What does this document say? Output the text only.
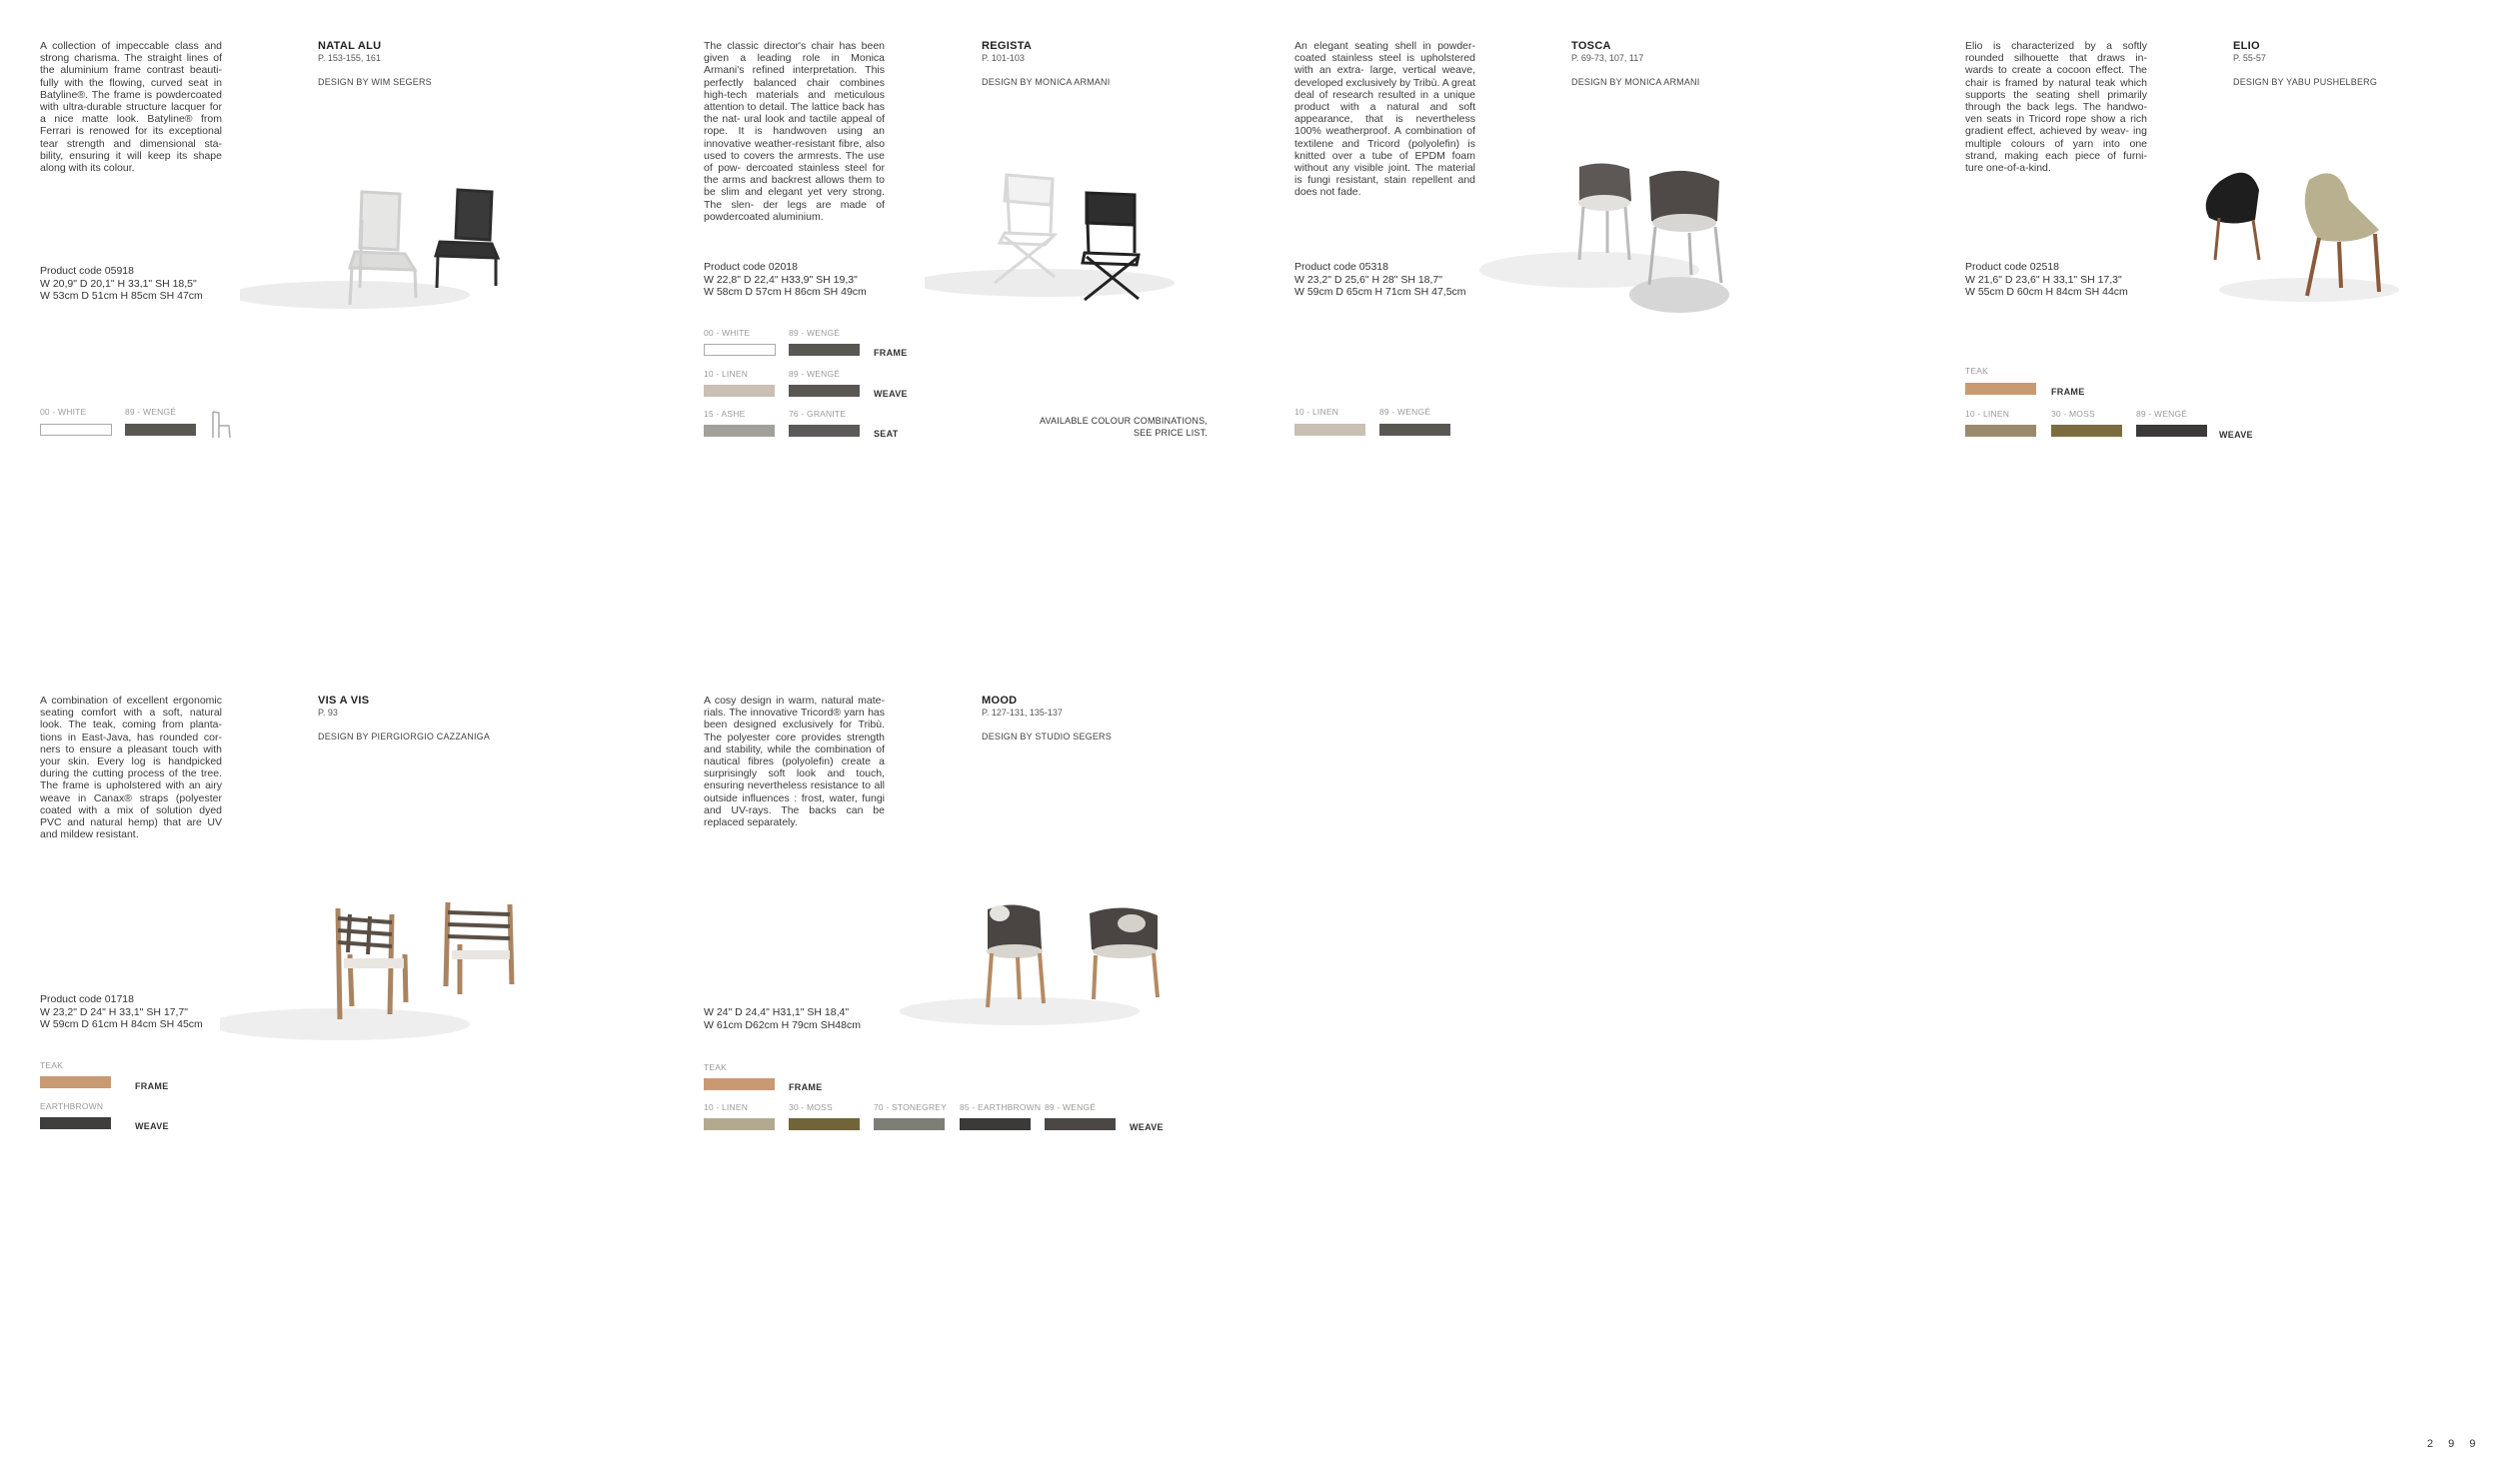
A collection of impeccable class and strong charisma. The straight lines of the aluminium frame contrast beauti- fully with the flowing, curved seat in Batyline®. The frame is powdercoated with ultra-durable structure lacquer for a nice matte look. Batyline® from Ferrari is renowed for its exceptional tear strength and dimensional sta- bility, ensuring it will keep its shape along with its colour.
NATAL ALU
P. 153-155, 161
DESIGN BY WIM SEGERS
Product code 05918
W 20,9" D 20,1" H 33,1" SH 18,5"
W 53cm D 51cm H 85cm SH 47cm
00 - WHITE	89 - WENGÉ
The classic director's chair has been given a leading role in Monica Armani's refined interpretation. This perfectly balanced chair combines high-tech materials and meticulous attention to detail. The lattice back has the nat- ural look and tactile appeal of rope. It is handwoven using an innovative weather-resistant fibre, also used to covers the armrests. The use of pow- dercoated stainless steel for the arms and backrest allows them to be slim and elegant yet very strong. The slen- der legs are made of powdercoated aluminium.
REGISTA
P. 101-103
DESIGN BY MONICA ARMANI
Product code 02018
W 22,8" D 22,4" H33,9" SH 19,3"
W 58cm D 57cm H 86cm SH 49cm
00 - WHITE	89 - WENGÉ
FRAME
10 - LINEN	89 - WENGÉ
WEAVE
15 - ASHE	76 - GRANITE
SEAT
AVAILABLE COLOUR COMBINATIONS,
SEE PRICE LIST.
An elegant seating shell in powder- coated stainless steel is upholstered with an extra- large, vertical weave, developed exclusively by Tribù. A great deal of research resulted in a unique product with a natural and soft appearance, that is nevertheless 100% weatherproof. A combination of textilene and Tricord (polyolefin) is knitted over a tube of EPDM foam without any visible joint. The material is fungi resistant, stain repellent and does not fade.
TOSCA
P. 69-73, 107, 117
DESIGN BY MONICA ARMANI
Product code 05318
W 23,2" D 25,6" H 28" SH 18,7"
W 59cm D 65cm H 71cm SH 47,5cm
10 - LINEN	89 - WENGÉ
Elio is characterized by a softly rounded silhouette that draws in- wards to create a cocoon effect. The chair is framed by natural teak which supports the seating shell primarily through the back legs. The handwo- ven seats in Tricord rope show a rich gradient effect, achieved by weav- ing multiple colours of yarn into one strand, making each piece of furni- ture one-of-a-kind.
ELIO
P. 55-57
DESIGN BY YABU PUSHELBERG
Product code 02518
W 21,6" D 23,6" H 33,1" SH 17,3"
W 55cm D 60cm H 84cm SH 44cm
TEAK
FRAME
10 - LINEN	30 - MOSS	89 - WENGÉ
WEAVE
A combination of excellent ergonomic seating comfort with a soft, natural look. The teak, coming from planta- tions in East-Java, has rounded cor- ners to ensure a pleasant touch with your skin. Every log is handpicked during the cutting process of the tree. The frame is upholstered with an airy weave in Canax® straps (polyester coated with a mix of solution dyed PVC and natural hemp) that are UV and mildew resistant.
VIS A VIS
P. 93
DESIGN BY PIERGIORGIO CAZZANIGA
Product code 01718
W 23,2" D 24" H 33,1" SH 17,7"
W 59cm D 61cm H 84cm SH 45cm
TEAK
FRAME
EARTHBROWN
WEAVE
A cosy design in warm, natural mate- rials. The innovative Tricord® yarn has been designed exclusively for Tribù. The polyester core provides strength and stability, while the combination of nautical fibres (polyolefin) create a surprisingly soft look and touch, ensuring nevertheless resistance to all outside influences : frost, water, fungi and UV-rays. The backs can be replaced separately.
MOOD
P. 127-131, 135-137
DESIGN BY STUDIO SEGERS
W 24" D 24,4" H31,1" SH 18,4"
W 61cm D62cm H 79cm SH48cm
TEAK
FRAME
10 - LINEN	30 - MOSS	70 - STONEGREY 85 - EARTHBROWN 89 - WENGÉ
WEAVE
2 9 9
